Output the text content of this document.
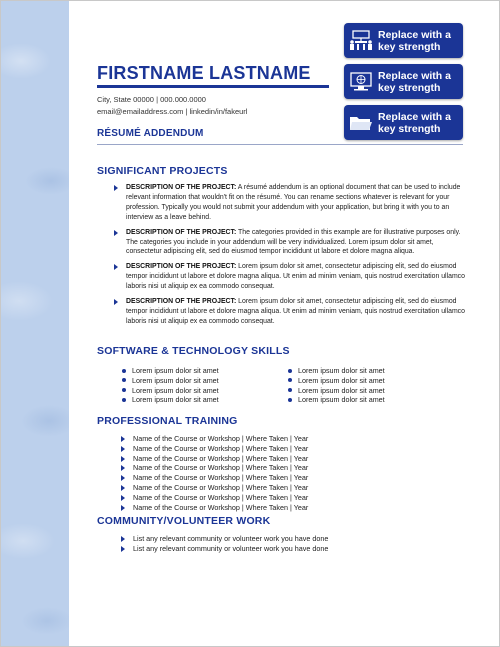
Replace with a key strength
Replace with a key strength
Replace with a key strength
FIRSTNAME LASTNAME
City, State 00000 | 000.000.0000
email@emailaddress.com | linkedin/in/fakeurl
RÉSUMÉ ADDENDUM
SIGNIFICANT PROJECTS
DESCRIPTION OF THE PROJECT: A résumé addendum is an optional document that can be used to include relevant information that wouldn't fit on the résumé. You can rename sections whatever is relevant for your profession. Typically you would not submit your addendum with your application, but bring it with you to an interview as a leave behind.
DESCRIPTION OF THE PROJECT: The categories provided in this example are for illustrative purposes only. The categories you include in your addendum will be very individualized. Lorem ipsum dolor sit amet, consectetur adipiscing elit, sed do eiusmod tempor incididunt ut labore et dolore magna aliqua.
DESCRIPTION OF THE PROJECT: Lorem ipsum dolor sit amet, consectetur adipiscing elit, sed do eiusmod tempor incididunt ut labore et dolore magna aliqua. Ut enim ad minim veniam, quis nostrud exercitation ullamco laboris nisi ut aliquip ex ea commodo consequat.
DESCRIPTION OF THE PROJECT: Lorem ipsum dolor sit amet, consectetur adipiscing elit, sed do eiusmod tempor incididunt ut labore et dolore magna aliqua. Ut enim ad minim veniam, quis nostrud exercitation ullamco laboris nisi ut aliquip ex ea commodo consequat.
SOFTWARE & TECHNOLOGY SKILLS
Lorem ipsum dolor sit amet
Lorem ipsum dolor sit amet
Lorem ipsum dolor sit amet
Lorem ipsum dolor sit amet
Lorem ipsum dolor sit amet
Lorem ipsum dolor sit amet
Lorem ipsum dolor sit amet
Lorem ipsum dolor sit amet
PROFESSIONAL TRAINING
Name of the Course or Workshop | Where Taken | Year
Name of the Course or Workshop | Where Taken | Year
Name of the Course or Workshop | Where Taken | Year
Name of the Course or Workshop | Where Taken | Year
Name of the Course or Workshop | Where Taken | Year
Name of the Course or Workshop | Where Taken | Year
Name of the Course or Workshop | Where Taken | Year
Name of the Course or Workshop | Where Taken | Year
COMMUNITY/VOLUNTEER WORK
List any relevant community or volunteer work you have done
List any relevant community or volunteer work you have done
